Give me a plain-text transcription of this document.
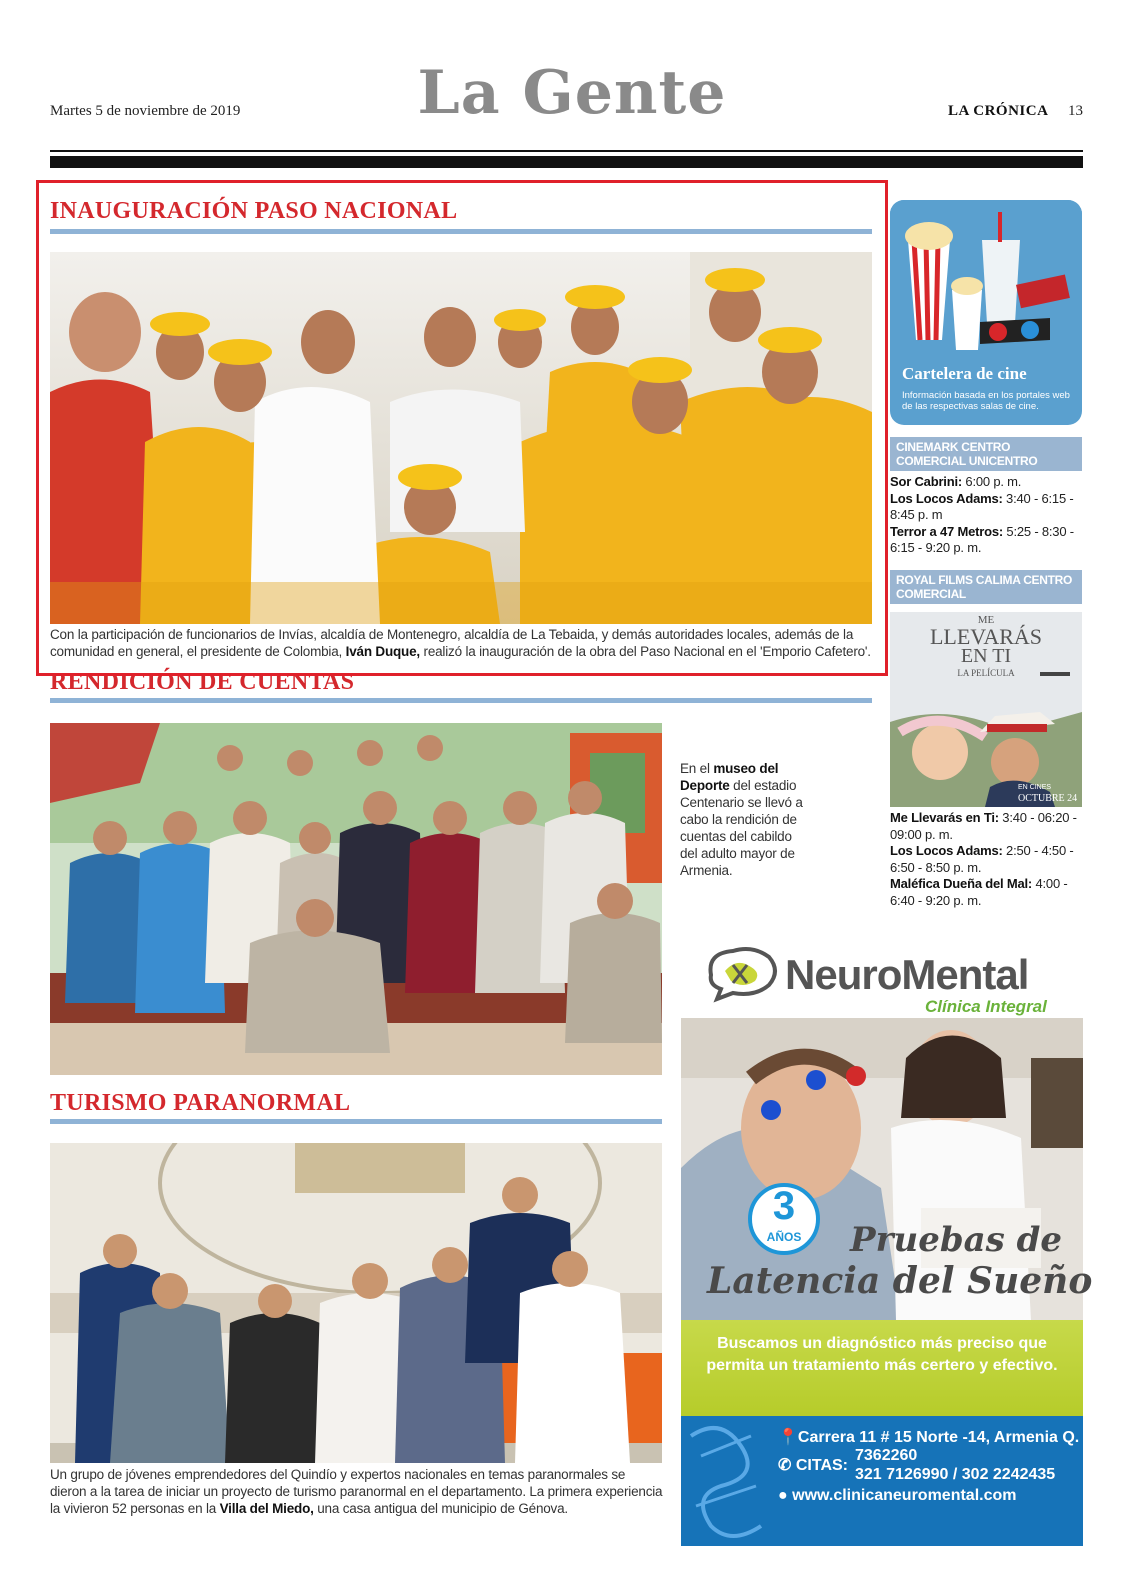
Martes 5 de noviembre de 2019	La Gente	LA CRÓNICA 13
INAUGURACIÓN PASO NACIONAL
Con la participación de funcionarios de Invías, alcaldía de Montenegro, alcaldía de La Tebaida, y demás autoridades locales, además de la comunidad en general, el presidente de Colombia, Iván Duque, realizó la inauguración de la obra del Paso Nacional en el 'Emporio Cafetero'.
RENDICIÓN DE CUENTAS
En el museo del Deporte del estadio Centenario se llevó a cabo la rendición de cuentas del cabildo del adulto mayor de Armenia.
TURISMO PARANORMAL
Un grupo de jóvenes emprendedores del Quindío y expertos nacionales en temas paranormales se dieron a la tarea de iniciar un proyecto de turismo paranormal en el departamento. La primera experiencia la vivieron 52 personas en la Villa del Miedo, una casa antigua del municipio de Génova.
Cartelera de cine
Información basada en los portales web de las respectivas salas de cine.
CINEMARK CENTRO COMERCIAL UNICENTRO
Sor Cabrini: 6:00 p. m.
Los Locos Adams: 3:40 - 6:15 - 8:45 p. m
Terror a 47 Metros: 5:25 - 8:30 - 6:15 - 9:20 p. m.
ROYAL FILMS CALIMA CENTRO COMERCIAL
ME
LLEVARÁS
EN TI
LA PELÍCULA
EN CINES
OCTUBRE 24
Me Llevarás en Ti: 3:40 - 06:20 - 09:00 p. m.
Los Locos Adams: 2:50 - 4:50 - 6:50 - 8:50 p. m.
Maléfica Dueña del Mal: 4:00 - 6:40 - 9:20 p. m.
NeuroMental
Clínica Integral
3
AÑOS	Pruebas de
Latencia del Sueño
Buscamos un diagnóstico más preciso que permita un tratamiento más certero y efectivo.
📍Carrera 11 # 15 Norte -14, Armenia Q.
✆ CITAS:
7362260
321 7126990 / 302 2242435
● www.clinicaneuromental.com
